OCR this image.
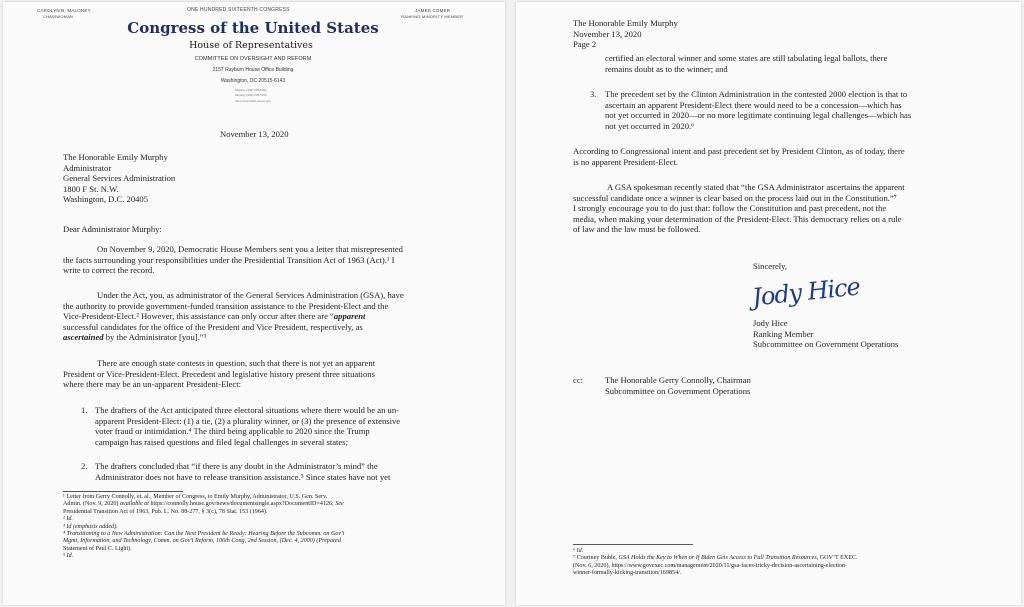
CAROLYN B. MALONEY
CHAIRWOMAN
ONE HUNDRED SIXTEENTH CONGRESS	JAMES COMER
RANKING MINORITY MEMBER
Congress of the United States
House of Representatives
COMMITTEE ON OVERSIGHT AND REFORM
2157 Rayburn House Office Building
Washington, DC 20515-6143
Majority (202) 225-5051
Minority (202) 225-5074
https://oversight.house.gov
November 13, 2020
The Honorable Emily Murphy
Administrator
General Services Administration
1800 F St. N.W.
Washington, D.C. 20405
Dear Administrator Murphy:
On November 9, 2020, Democratic House Members sent you a letter that misrepresented
the facts surrounding your responsibilities under the Presidential Transition Act of 1963 (Act).¹ I
write to correct the record.
Under the Act, you, as administrator of the General Services Administration (GSA), have
the authority to provide government-funded transition assistance to the President-Elect and the
Vice-President-Elect.² However, this assistance can only occur after there are “apparent
successful candidates for the office of the President and Vice President, respectively, as
ascertained by the Administrator [you].”³
There are enough state contests in question, such that there is not yet an apparent
President or Vice-President-Elect. Precedent and legislative history present three situations
where there may be an un-apparent President-Elect:
1. The drafters of the Act anticipated three electoral situations where there would be an un-
apparent President-Elect: (1) a tie, (2) a plurality winner, or (3) the presence of extensive
voter fraud or intimidation.⁴ The third being applicable to 2020 since the Trump
campaign has raised questions and filed legal challenges in several states;
2. The drafters concluded that “if there is any doubt in the Administrator’s mind” the
Administrator does not have to release transition assistance.⁵ Since states have not yet
¹ Letter from Gerry Connolly, et. al., Member of Congress, to Emily Murphy, Administrator, U.S. Gen. Serv.
Admin. (Nov. 9, 2020) available at https://connolly.house.gov/news/documentsingle.aspx?DocumentID=4126; See
Presidential Transition Act of 1963, Pub. L. No. 88-277, § 3(c), 78 Stat. 153 (1964).
² Id.
³ Id (emphasis added).
⁴ Transitioning to a New Administration: Can the Next President be Ready: Hearing Before the Subcomm. on Gov’t
Mgmt, Information, and Technology, Comm. on Gov’t Reform, 106th Cong, 2nd Session, (Dec. 4, 2000) (Prepared
Statement of Paul C. Light).
⁵ Id.
The Honorable Emily Murphy
November 13, 2020
Page 2
certified an electoral winner and some states are still tabulating legal ballots, there
remains doubt as to the winner; and
3. The precedent set by the Clinton Administration in the contested 2000 election is that to
ascertain an apparent President-Elect there would need to be a concession—which has
not yet occurred in 2020—or no more legitimate continuing legal challenges—which has
not yet occurred in 2020.⁶
According to Congressional intent and past precedent set by President Clinton, as of today, there
is no apparent President-Elect.
A GSA spokesman recently stated that “the GSA Administrator ascertains the apparent
successful candidate once a winner is clear based on the process laid out in the Constitution.”⁷
I strongly encourage you to do just that: follow the Constitution and past precedent, not the
media, when making your determination of the President-Elect. This democracy relies on a rule
of law and the law must be followed.
Sincerely,
Jody Hice
Jody Hice
Ranking Member
Subcommittee on Government Operations
cc:	The Honorable Gerry Connolly, Chairman
Subcommittee on Government Operations
⁶ Id.
⁷ Courtney Buble, GSA Holds the Key to When or If Biden Gets Access to Full Transition Resources, GOV’T EXEC.
(Nov. 6, 2020), https://www.govexec.com/management/2020/11/gsa-faces-tricky-decision-ascertaining-election-
winner-formally-kicking-transition/169854/.
